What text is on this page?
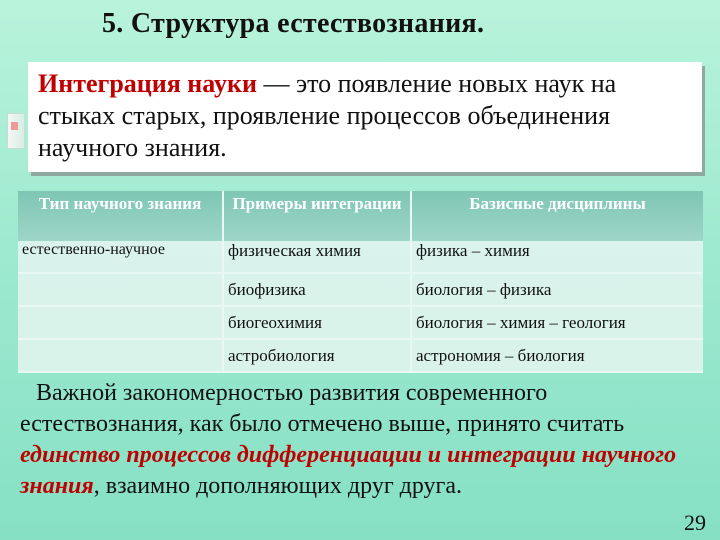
5. Структура естествознания.
Интеграция науки — это появление новых наук на стыках старых, проявление процессов объединения научного знания.
Тип научного знания	Примеры интеграции	Базисные дисциплины
естественно-научное	физическая химия	физика – химия
	биофизика	биология – физика
	биогеохимия	биология – химия – геология
	астробиология	астрономия – биология
Важной закономерностью развития современного естествознания, как было отмечено выше, принято считать единство процессов дифференциации и интеграции научного знания, взаимно дополняющих друг друга.
29
